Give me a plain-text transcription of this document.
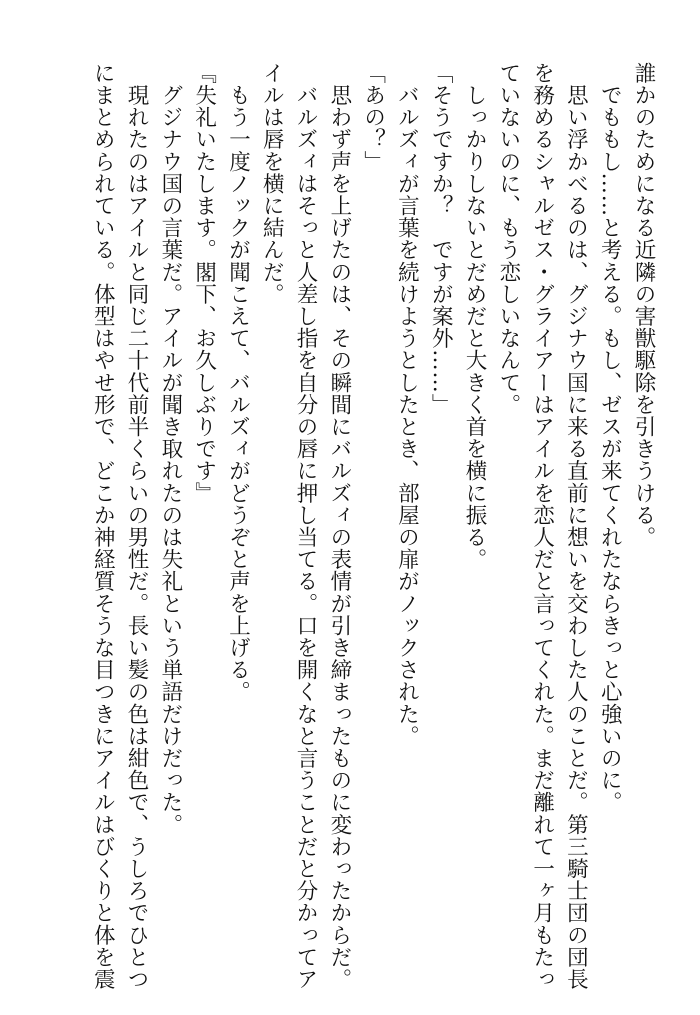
誰かのためになる近隣の害獣駆除を引きうける。

　でももし……と考える。もし、ゼスが来てくれたならきっと心強いのに。

　思い浮かべるのは、グジナウ国に来る直前に想いを交わした人のことだ。第三騎士団の団長

を務めるシャルゼス・グライアーはアイルを恋人だと言ってくれた。まだ離れて一ヶ月もたっ

ていないのに、もう恋しいなんて。

　しっかりしないとだめだと大きく首を横に振る。

「そうですか？　ですが案外……」

　バルズィが言葉を続けようとしたとき、部屋の扉がノックされた。

「あの？」

　思わず声を上げたのは、その瞬間にバルズィの表情が引き締まったものに変わったからだ。

　バルズィはそっと人差し指を自分の唇に押し当てる。口を開くなと言うことだと分かってア

イルは唇を横に結んだ。

　もう一度ノックが聞こえて、バルズィがどうぞと声を上げる。

『失礼いたします。閣下、お久しぶりです』

　グジナウ国の言葉だ。アイルが聞き取れたのは失礼という単語だけだった。

　現れたのはアイルと同じ二十代前半くらいの男性だ。長い髪の色は紺色で、うしろでひとつ

にまとめられている。体型はやせ形で、どこか神経質そうな目つきにアイルはびくりと体を震
